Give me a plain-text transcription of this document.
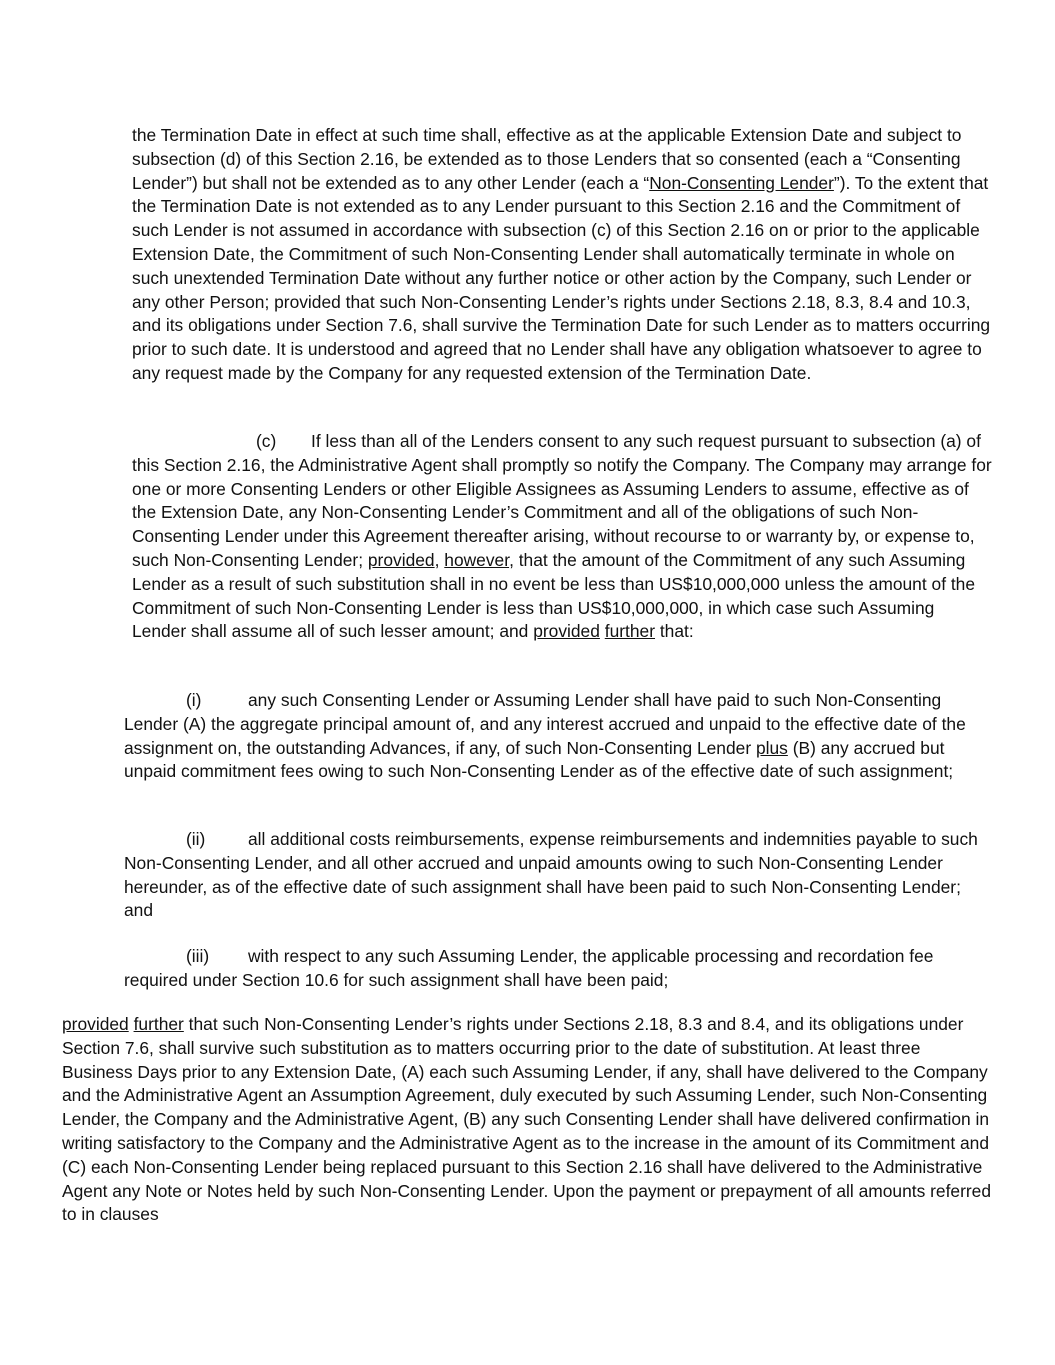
the Termination Date in effect at such time shall, effective as at the applicable Extension Date and subject to subsection (d) of this Section 2.16, be extended as to those Lenders that so consented (each a “Consenting Lender”) but shall not be extended as to any other Lender (each a “Non-Consenting Lender”). To the extent that the Termination Date is not extended as to any Lender pursuant to this Section 2.16 and the Commitment of such Lender is not assumed in accordance with subsection (c) of this Section 2.16 on or prior to the applicable Extension Date, the Commitment of such Non-Consenting Lender shall automatically terminate in whole on such unextended Termination Date without any further notice or other action by the Company, such Lender or any other Person; provided that such Non-Consenting Lender’s rights under Sections 2.18, 8.3, 8.4 and 10.3, and its obligations under Section 7.6, shall survive the Termination Date for such Lender as to matters occurring prior to such date. It is understood and agreed that no Lender shall have any obligation whatsoever to agree to any request made by the Company for any requested extension of the Termination Date.

(c) If less than all of the Lenders consent to any such request pursuant to subsection (a) of this Section 2.16, the Administrative Agent shall promptly so notify the Company. The Company may arrange for one or more Consenting Lenders or other Eligible Assignees as Assuming Lenders to assume, effective as of the Extension Date, any Non-Consenting Lender’s Commitment and all of the obligations of such Non-Consenting Lender under this Agreement thereafter arising, without recourse to or warranty by, or expense to, such Non-Consenting Lender; provided, however, that the amount of the Commitment of any such Assuming Lender as a result of such substitution shall in no event be less than US$10,000,000 unless the amount of the Commitment of such Non-Consenting Lender is less than US$10,000,000, in which case such Assuming Lender shall assume all of such lesser amount; and provided further that:

(i)	any such Consenting Lender or Assuming Lender shall have paid to such Non-Consenting Lender (A) the aggregate principal amount of, and any interest accrued and unpaid to the effective date of the assignment on, the outstanding Advances, if any, of such Non-Consenting Lender plus (B) any accrued but unpaid commitment fees owing to such Non-Consenting Lender as of the effective date of such assignment;

(ii) all additional costs reimbursements, expense reimbursements and indemnities payable to such Non-Consenting Lender, and all other accrued and unpaid amounts owing to such Non-Consenting Lender hereunder, as of the effective date of such assignment shall have been paid to such Non-Consenting Lender; and

(iii) with respect to any such Assuming Lender, the applicable processing and recordation fee required under Section 10.6 for such assignment shall have been paid;

provided further that such Non-Consenting Lender’s rights under Sections 2.18, 8.3 and 8.4, and its obligations under Section 7.6, shall survive such substitution as to matters occurring prior to the date of substitution. At least three Business Days prior to any Extension Date, (A) each such Assuming Lender, if any, shall have delivered to the Company and the Administrative Agent an Assumption Agreement, duly executed by such Assuming Lender, such Non-Consenting Lender, the Company and the Administrative Agent, (B) any such Consenting Lender shall have delivered confirmation in writing satisfactory to the Company and the Administrative Agent as to the increase in the amount of its Commitment and (C) each Non-Consenting Lender being replaced pursuant to this Section 2.16 shall have delivered to the Administrative Agent any Note or Notes held by such Non-Consenting Lender. Upon the payment or prepayment of all amounts referred to in clauses
